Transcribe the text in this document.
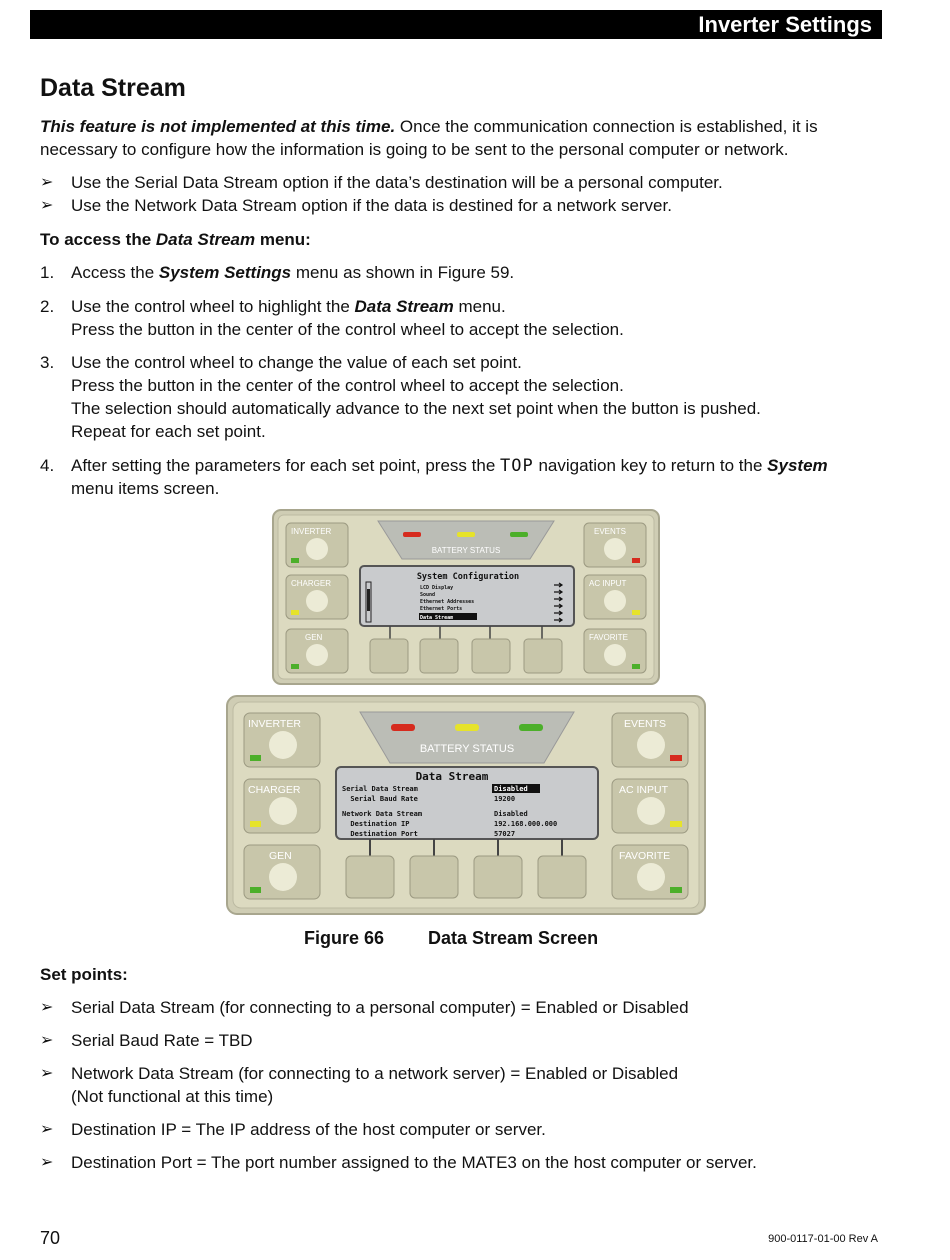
Inverter Settings
Data Stream
This feature is not implemented at this time. Once the communication connection is established, it is
necessary to configure how the information is going to be sent to the personal computer or network.
➢ Use the Serial Data Stream option if the data’s destination will be a personal computer.
➢ Use the Network Data Stream option if the data is destined for a network server.
To access the Data Stream menu:
1. Access the System Settings menu as shown in Figure 59.
2. Use the control wheel to highlight the Data Stream menu.
Press the button in the center of the control wheel to accept the selection.
3. Use the control wheel to change the value of each set point.
Press the button in the center of the control wheel to accept the selection.
The selection should automatically advance to the next set point when the button is pushed.
Repeat for each set point.
4. After setting the parameters for each set point, press the TOP navigation key to return to the System
menu items screen.
BATTERY STATUS
INVERTER
CHARGER
GEN
EVENTS
AC INPUT
FAVORITE
System Configuration
LCD Display
Sound
Ethernet Addresses
Ethernet Ports
Data Stream
BATTERY STATUS
INVERTER
CHARGER
GEN
EVENTS
AC INPUT
FAVORITE
Data Stream
Serial Data Stream	Disabled
Serial Baud Rate	19200
Network Data Stream	Disabled
Destination IP	192.168.000.000
Destination Port	57027
Figure 66 Data Stream Screen
Set points:
➢ Serial Data Stream (for connecting to a personal computer) = Enabled or Disabled
➢ Serial Baud Rate = TBD
➢ Network Data Stream (for connecting to a network server) = Enabled or Disabled
(Not functional at this time)
➢ Destination IP = The IP address of the host computer or server.
➢ Destination Port = The port number assigned to the MATE3 on the host computer or server.
70	900-0117-01-00 Rev A
